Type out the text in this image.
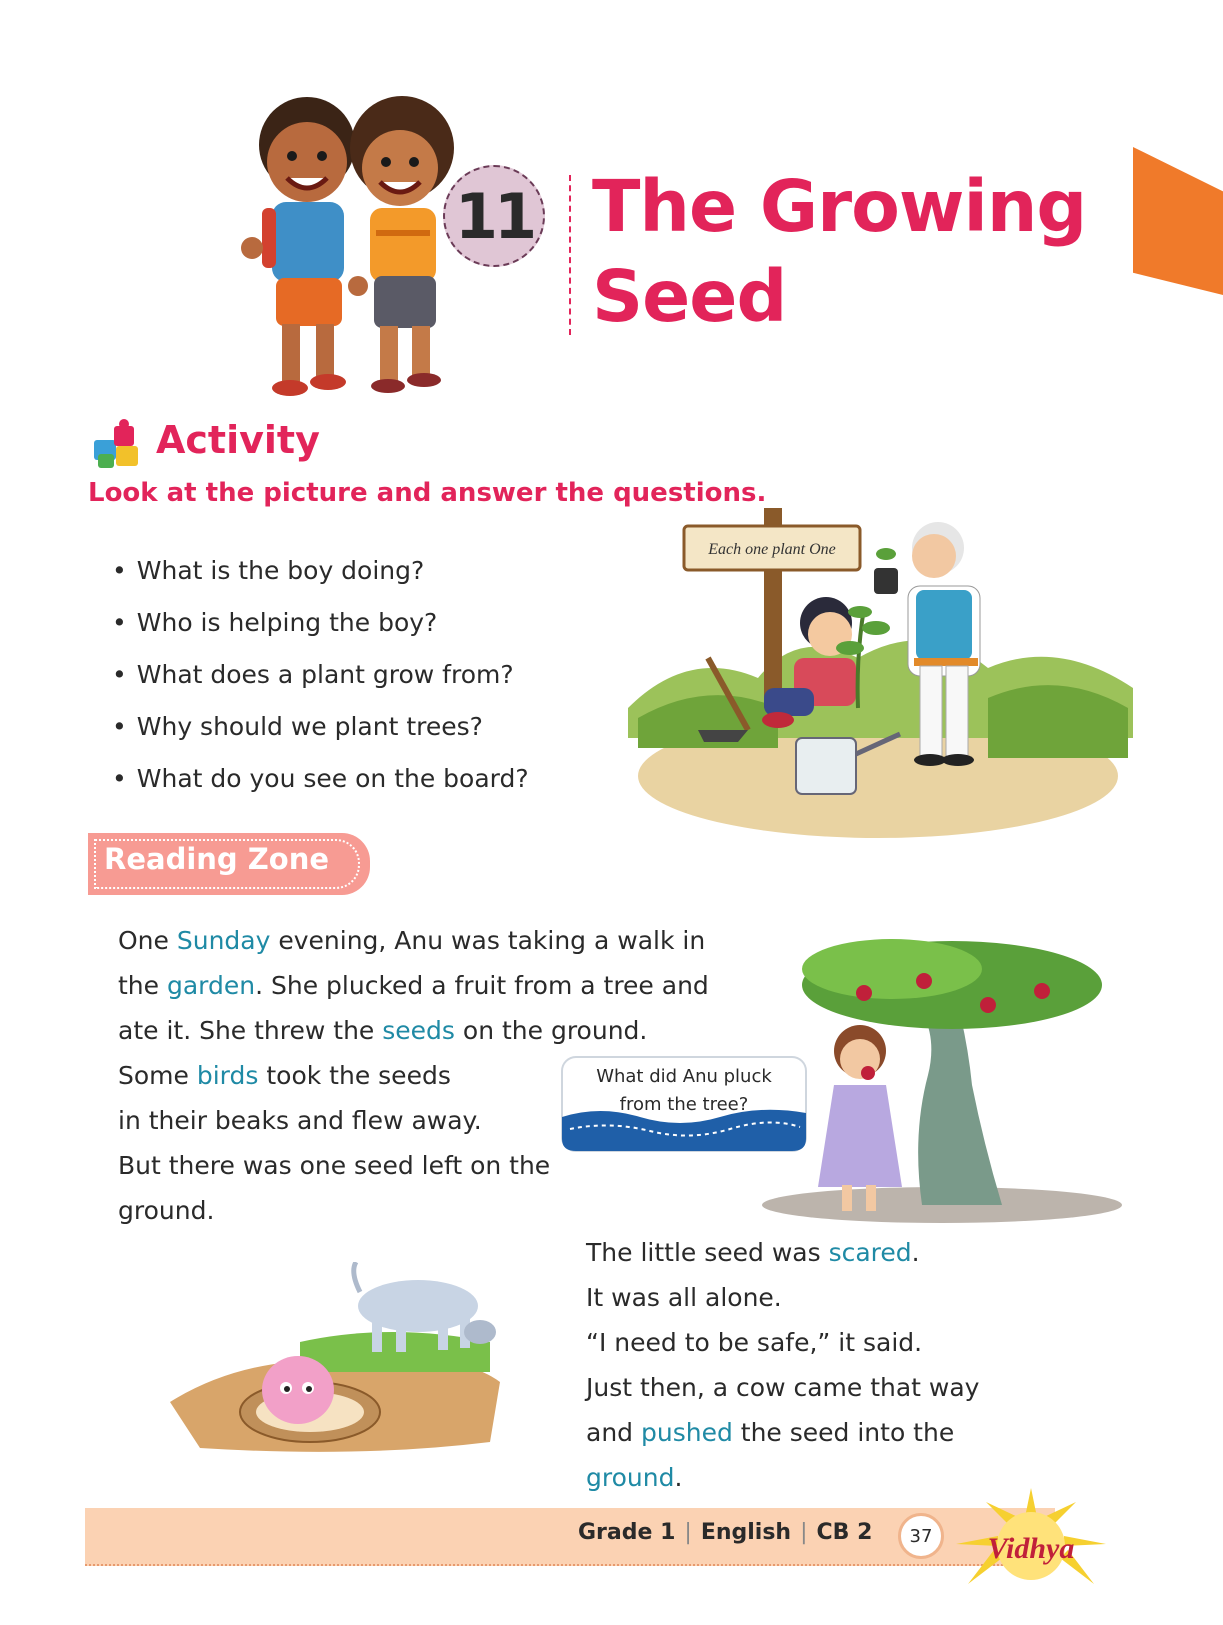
11 The Growing
Seed
Activity
Look at the picture and answer the questions.
• What is the boy doing?
• Who is helping the boy?
• What does a plant grow from?
• Why should we plant trees?
• What do you see on the board?
Each one plant One
Reading Zone

One Sunday evening, Anu was taking a walk in

the garden. She plucked a fruit from a tree and

ate it. She threw the seeds on the ground.

Some birds took the seeds

in their beaks and flew away.

But there was one seed left on the

ground.

What did Anu pluck
from the tree?

The little seed was scared.

It was all alone.

“I need to be safe,” it said.

Just then, a cow came that way

and pushed the seed into the

ground.

Grade 1 | English | CB 2	37	Vidhya
